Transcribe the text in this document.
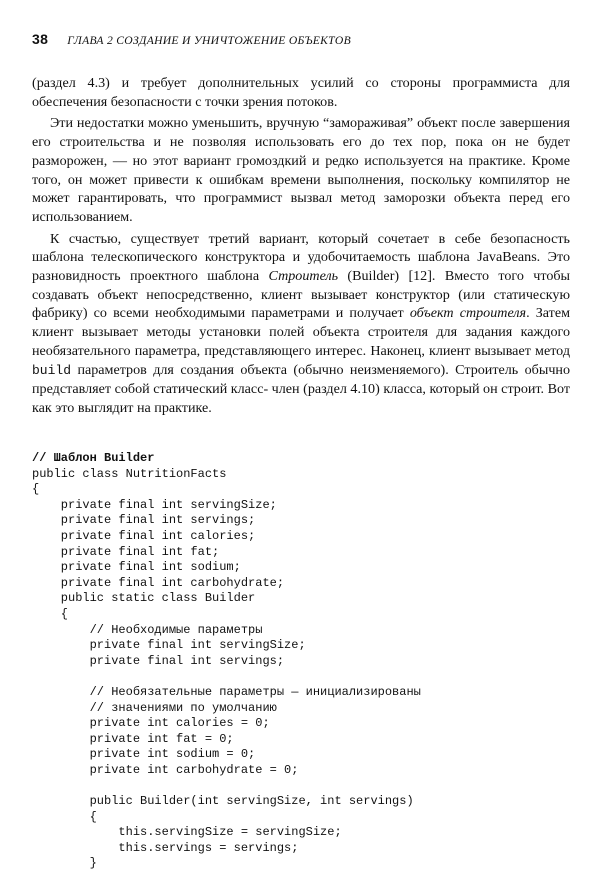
38 ГЛАВА 2 СОЗДАНИЕ И УНИЧТОЖЕНИЕ ОБЪЕКТОВ

(раздел 4.3) и требует дополнительных усилий со стороны программиста для обеспечения безопасности с точки зрения потоков.

Эти недостатки можно уменьшить, вручную “замораживая” объект после завершения его строительства и не позволяя использовать его до тех пор, пока он не будет разморожен, — но этот вариант громоздкий и редко используется на практике. Кроме того, он может привести к ошибкам времени выполнения, поскольку компилятор не может гарантировать, что программист вызвал метод заморозки объекта перед его использованием.

К счастью, существует третий вариант, который сочетает в себе безопасность шаблона телескопического конструктора и удобочитаемость шаблона JavaBeans. Это разновидность проектного шаблона Строитель (Builder) [12]. Вместо того чтобы создавать объект непосредственно, клиент вызывает конструктор (или статическую фабрику) со всеми необходимыми параметрами и получает объект строителя. Затем клиент вызывает методы установки полей объекта строителя для задания каждого необязательного параметра, представляющего интерес. Наконец, клиент вызывает метод build параметров для создания объекта (обычно неизменяемого). Строитель обычно представляет собой статический класс- член (раздел 4.10) класса, который он строит. Вот как это выглядит на практике.

// Шаблон Builder
public class NutritionFacts
{
private final int servingSize;
private final int servings;
private final int calories;
private final int fat;
private final int sodium;
private final int carbohydrate;
public static class Builder
{
// Необходимые параметры
private final int servingSize;
private final int servings;
// Необязательные параметры — инициализированы
// значениями по умолчанию
private int calories = 0;
private int fat = 0;
private int sodium = 0;
private int carbohydrate = 0;
public Builder(int servingSize, int servings)
{
this.servingSize = servingSize;
this.servings = servings;
}
